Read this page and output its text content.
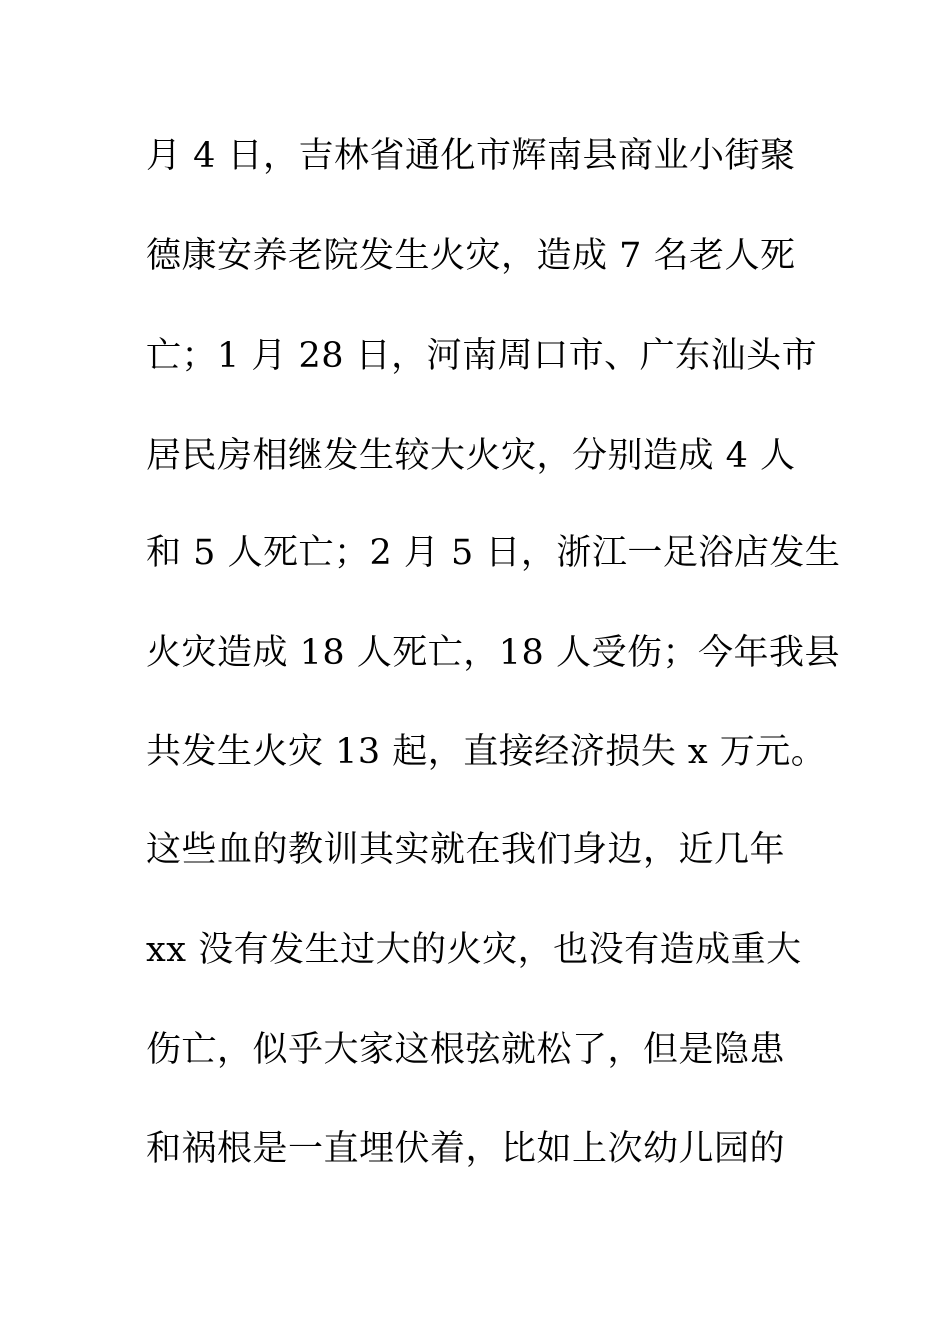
月 4 日，吉林省通化市辉南县商业小街聚
德康安养老院发生火灾，造成 7 名老人死
亡；1 月 28 日，河南周口市、广东汕头市
居民房相继发生较大火灾，分别造成 4 人
和 5 人死亡；2 月 5 日，浙江一足浴店发生
火灾造成 18 人死亡，18 人受伤；今年我县
共发生火灾 13 起，直接经济损失 x 万元。
这些血的教训其实就在我们身边，近几年
xx 没有发生过大的火灾，也没有造成重大
伤亡，似乎大家这根弦就松了，但是隐患
和祸根是一直埋伏着，比如上次幼儿园的
